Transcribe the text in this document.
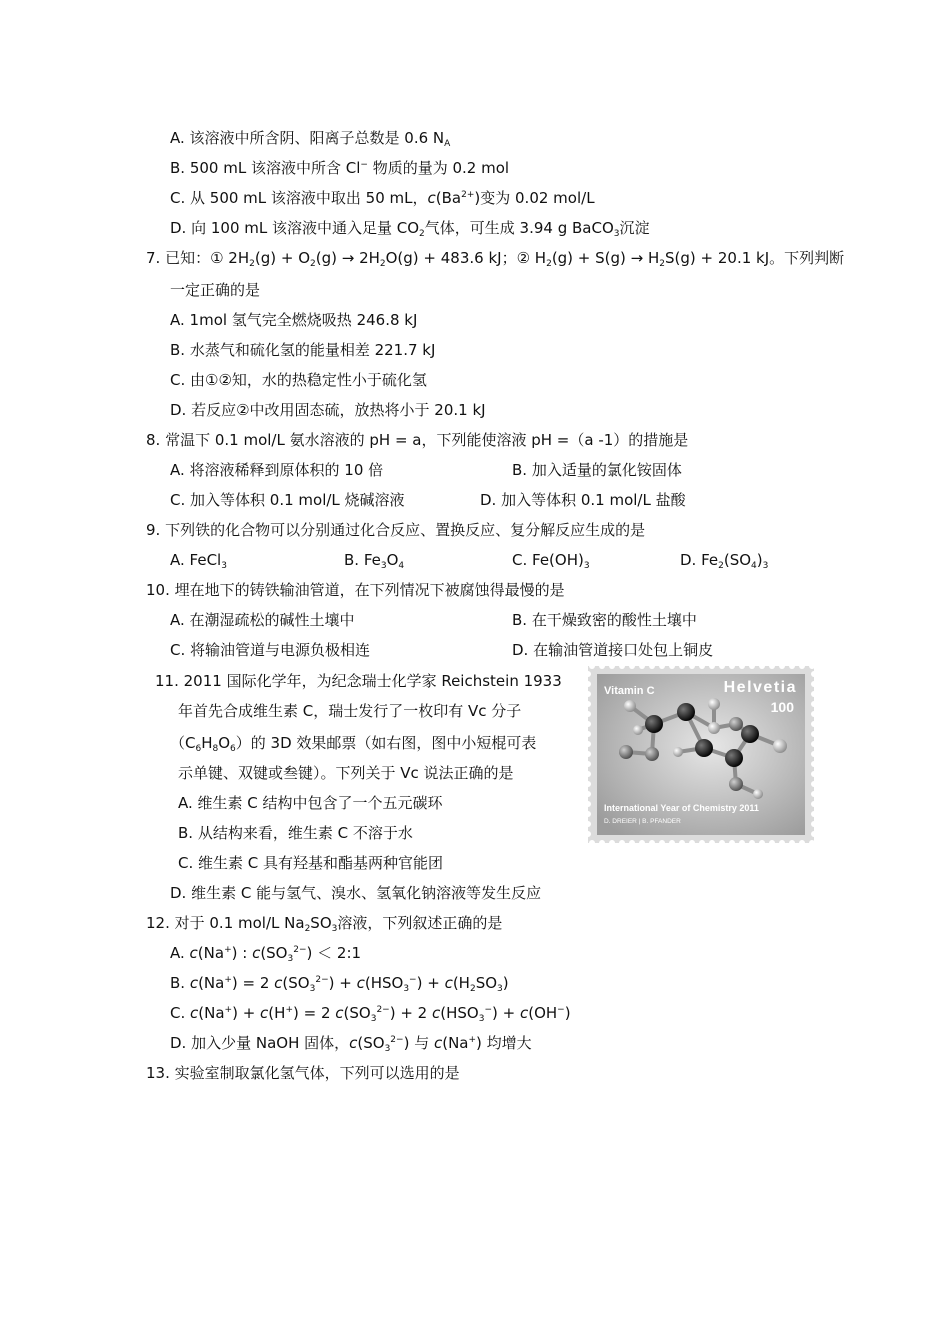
A. 该溶液中所含阴、阳离子总数是 0.6 $N_A$
B. 500 mL 该溶液中所含 Cl− 物质的量为 0.2 mol
C. 从 500 mL 该溶液中取出 50 mL，$c(Ba^{2+})$变为 0.02 mol/L
D. 向 100 mL 该溶液中通入足量 $CO_2$气体，可生成 3.94 g BaCO$_3$沉淀
7. 已知：① $2H_2(g) + O_2(g) \to 2H_2O(g) + 483.6$ kJ；② $H_2(g) + S(g) \to H_2S(g) + 20.1$ kJ。下列判断
一定正确的是
A. 1mol 氢气完全燃烧吸热 246.8 kJ
B. 水蒸气和硫化氢的能量相差 221.7 kJ
C. 由①②知，水的热稳定性小于硫化氢
D. 若反应②中改用固态硫，放热将小于 20.1 kJ
8. 常温下 0.1 mol/L 氨水溶液的 pH = a，下列能使溶液 pH =（a -1）的措施是
A. 将溶液稀释到原体积的 10 倍	B. 加入适量的氯化铵固体
C. 加入等体积 0.1 mol/L 烧碱溶液	D. 加入等体积 0.1 mol/L 盐酸
9. 下列铁的化合物可以分别通过化合反应、置换反应、复分解反应生成的是
A. FeCl$_3$	B. $Fe_3O_4$	C. $Fe(OH)_3$	D. $Fe_2(SO_4)_3$
10. 埋在地下的铸铁输油管道，在下列情况下被腐蚀得最慢的是
A. 在潮湿疏松的碱性土壤中	B. 在干燥致密的酸性土壤中
C. 将输油管道与电源负极相连	D. 在输油管道接口处包上铜皮
11. 2011 国际化学年，为纪念瑞士化学家 Reichstein 1933
年首先合成维生素 C，瑞士发行了一枚印有 Vc 分子
$(C_6H_8O_6)$的 3D 效果邮票（如右图，图中小短棍可表
示单键、双键或叁键）。下列关于 Vc 说法正确的是
A. 维生素 C 结构中包含了一个五元碳环
B. 从结构来看，维生素 C 不溶于水
C. 维生素 C 具有羟基和酯基两种官能团
D. 维生素 C 能与氢气、溴水、氢氧化钠溶液等发生反应
Vitamin C	Helvetia
100
International Year of Chemistry 2011
D. DREIER | B. PFANDER
12. 对于 0.1 mol/L $Na_2SO_3$溶液，下列叙述正确的是
A. c(Na+) : $c(SO_3^{2-})$ ＜ 2:1
B. c(Na+) = 2 $c(SO_3^{2-}) + c(HSO_3^-) + c(H_2SO_3)$
C. c(Na+) + c(H+) = 2 $c(SO_3^{2-}) + 2$ $c(HSO_3^-) + c(OH^-)$
D. 加入少量 NaOH 固体，$c(SO_3^{2-})$ 与 c(Na+) 均增大
13. 实验室制取氯化氢气体，下列可以选用的是
